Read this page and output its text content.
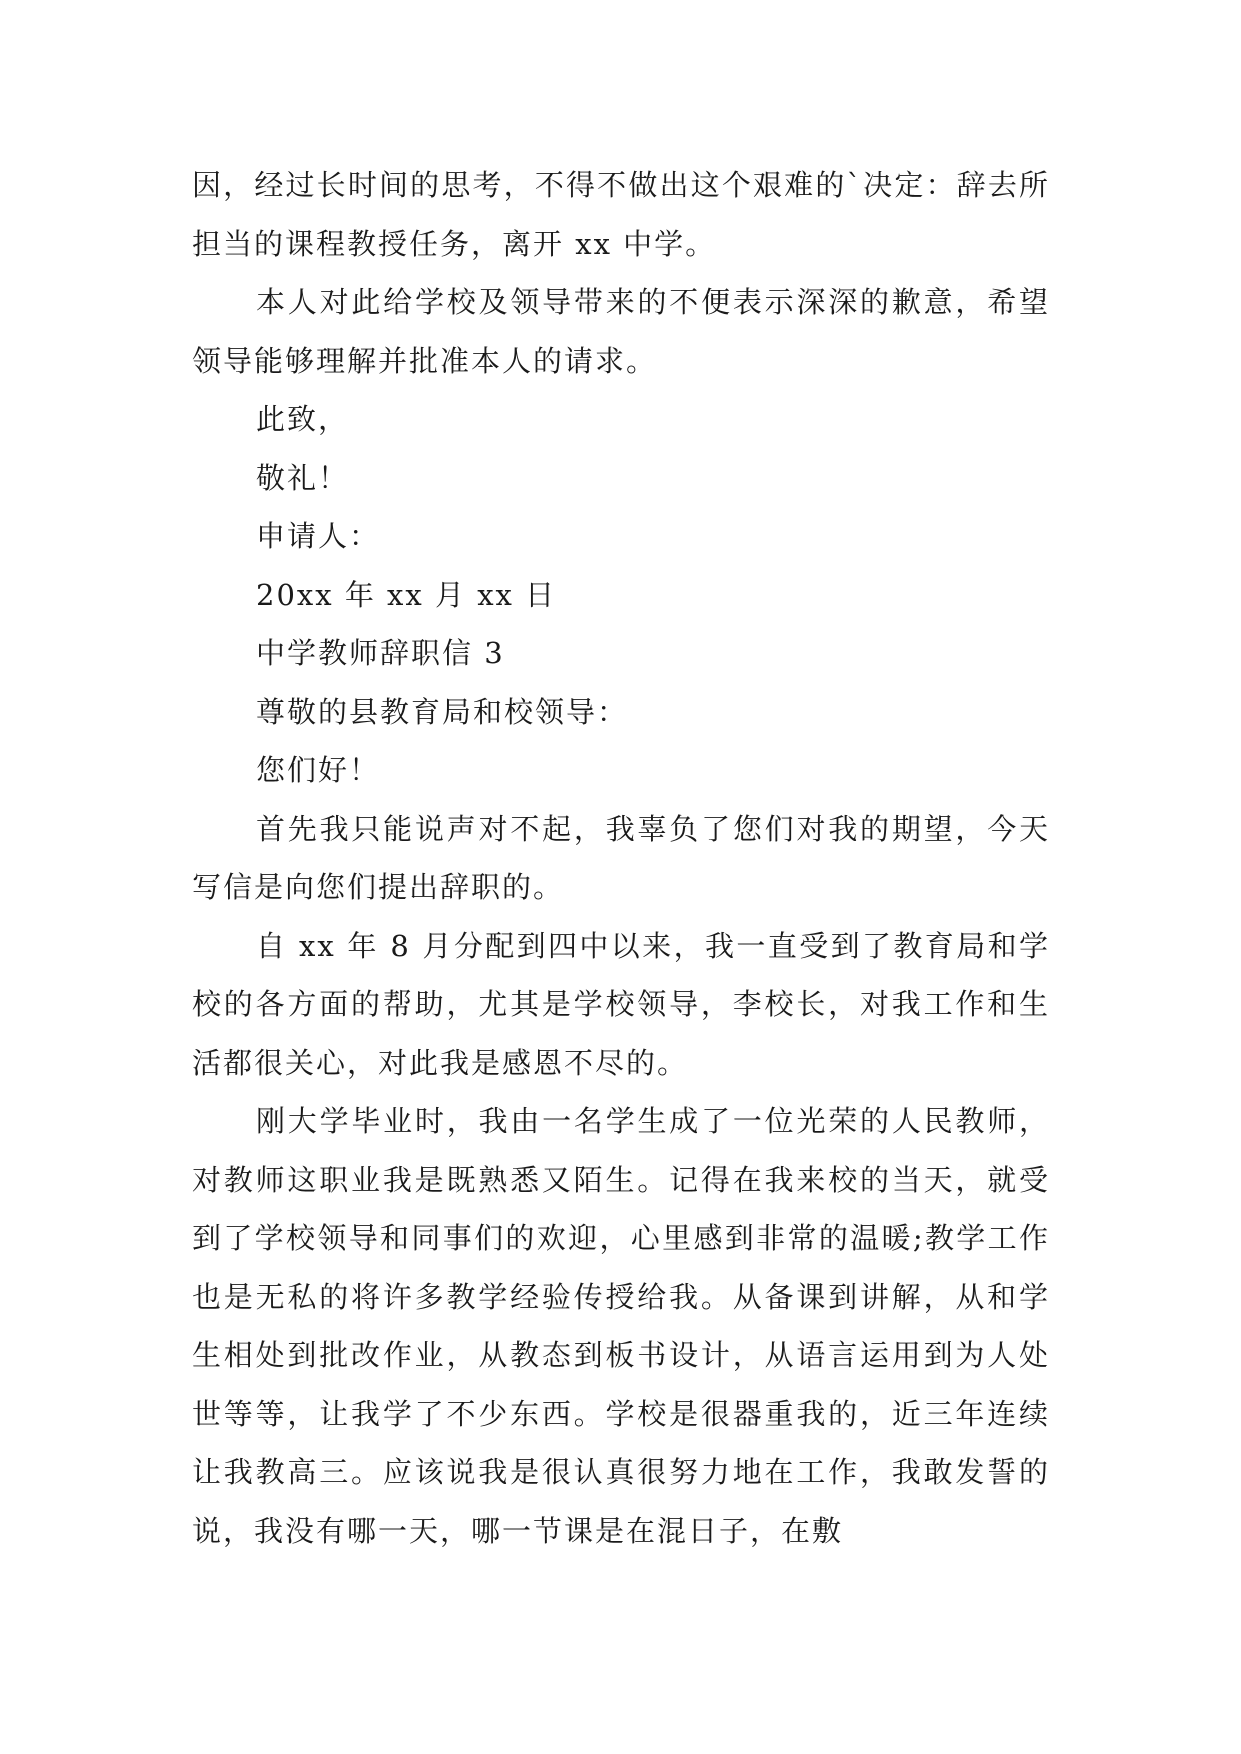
因，经过长时间的思考，不得不做出这个艰难的`决定：辞去所担当的课程教授任务，离开 xx 中学。

本人对此给学校及领导带来的不便表示深深的歉意，希望领导能够理解并批准本人的请求。

此致，

敬礼！

申请人：

20xx 年 xx 月 xx 日

中学教师辞职信 3

尊敬的县教育局和校领导：

您们好！

首先我只能说声对不起，我辜负了您们对我的期望，今天写信是向您们提出辞职的。

自 xx 年 8 月分配到四中以来，我一直受到了教育局和学校的各方面的帮助，尤其是学校领导，李校长，对我工作和生活都很关心，对此我是感恩不尽的。

刚大学毕业时，我由一名学生成了一位光荣的人民教师，对教师这职业我是既熟悉又陌生。记得在我来校的当天，就受到了学校领导和同事们的欢迎，心里感到非常的温暖;教学工作也是无私的将许多教学经验传授给我。从备课到讲解，从和学生相处到批改作业，从教态到板书设计，从语言运用到为人处世等等，让我学了不少东西。学校是很器重我的，近三年连续让我教高三。应该说我是很认真很努力地在工作，我敢发誓的说，我没有哪一天，哪一节课是在混日子，在敷
